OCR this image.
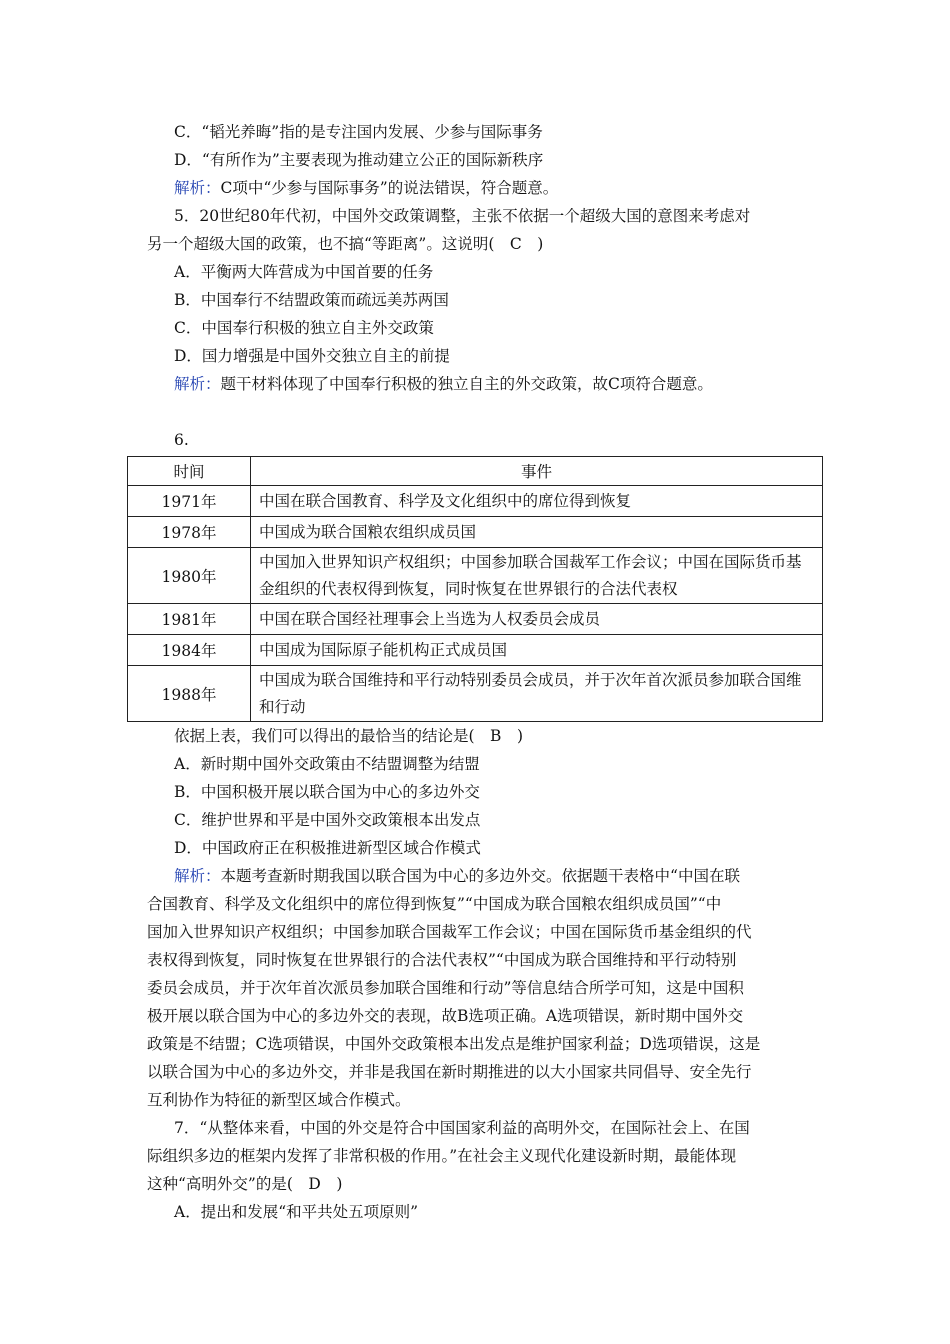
C．“韬光养晦”指的是专注国内发展、少参与国际事务
D．“有所作为”主要表现为推动建立公正的国际新秩序
解析：C项中“少参与国际事务”的说法错误，符合题意。
5．20世纪80年代初，中国外交政策调整，主张不依据一个超级大国的意图来考虑对
另一个超级大国的政策，也不搞“等距离”。这说明(　C　)
A．平衡两大阵营成为中国首要的任务
B．中国奉行不结盟政策而疏远美苏两国
C．中国奉行积极的独立自主外交政策
D．国力增强是中国外交独立自主的前提
解析：题干材料体现了中国奉行积极的独立自主的外交政策，故C项符合题意。
6.
时间	事件
1971年	中国在联合国教育、科学及文化组织中的席位得到恢复
1978年	中国成为联合国粮农组织成员国
1980年	中国加入世界知识产权组织；中国参加联合国裁军工作会议；中国在国际货币基金组织的代表权得到恢复，同时恢复在世界银行的合法代表权
1981年	中国在联合国经社理事会上当选为人权委员会成员
1984年	中国成为国际原子能机构正式成员国
1988年	中国成为联合国维持和平行动特别委员会成员，并于次年首次派员参加联合国维和行动
依据上表，我们可以得出的最恰当的结论是(　B　)
A．新时期中国外交政策由不结盟调整为结盟
B．中国积极开展以联合国为中心的多边外交
C．维护世界和平是中国外交政策根本出发点
D．中国政府正在积极推进新型区域合作模式
解析：本题考查新时期我国以联合国为中心的多边外交。依据题干表格中“中国在联
合国教育、科学及文化组织中的席位得到恢复”“中国成为联合国粮农组织成员国”“中
国加入世界知识产权组织；中国参加联合国裁军工作会议；中国在国际货币基金组织的代
表权得到恢复，同时恢复在世界银行的合法代表权”“中国成为联合国维持和平行动特别
委员会成员，并于次年首次派员参加联合国维和行动”等信息结合所学可知，这是中国积
极开展以联合国为中心的多边外交的表现，故B选项正确。A选项错误，新时期中国外交
政策是不结盟；C选项错误，中国外交政策根本出发点是维护国家利益；D选项错误，这是
以联合国为中心的多边外交，并非是我国在新时期推进的以大小国家共同倡导、安全先行
互利协作为特征的新型区域合作模式。
7．“从整体来看，中国的外交是符合中国国家利益的高明外交，在国际社会上、在国
际组织多边的框架内发挥了非常积极的作用。”在社会主义现代化建设新时期，最能体现
这种“高明外交”的是(　D　)
A．提出和发展“和平共处五项原则”
